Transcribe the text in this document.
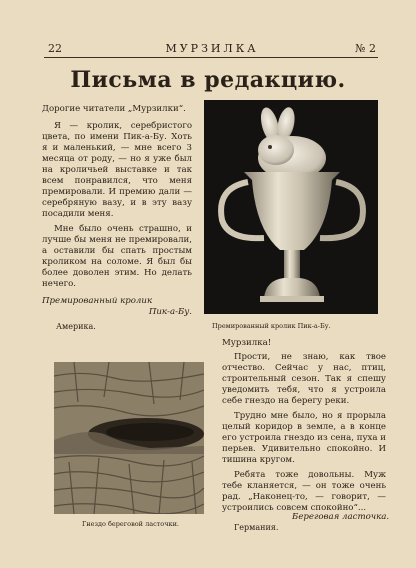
22	МУРЗИЛКА	№ 2
Письма в редакцию.

Дорогие читатели „Мурзилки“.

Я — кролик, серебристого цвета, по имени Пик-а-Бу. Хоть я и маленький, — мне всего 3 месяца от роду, — но я уже был на кроличьей выставке и так всем понравился, что меня премировали. И премию дали — серебряную вазу, и в эту вазу посадили меня.

Мне было очень страшно, и лучше бы меня не премировали, а оставили бы спать простым кроликом на соломе. Я был бы более доволен этим. Но делать нечего.

Премированный кролик
Пик-а-Бу.
Америка.	Премированный кролик Пик-а-Бу.

Мурзилка!

Прости, не знаю, как твое отчество. Сейчас у нас, птиц, строительный сезон. Так я спешу уведомить тебя, что я устроила себе гнездо на берегу реки.

Трудно мне было, но я прорыла целый коридор в земле, а в конце его устроила гнездо из сена, пуха и перьев. Удивительно спокойно. И тишина кругом.

Ребята тоже довольны. Муж тебе кланяется, — он тоже очень рад. „Наконец-то, — говорит, — устроились совсем спокойно“...

Береговая ласточка.
Германия.
Гнездо береговой ласточки.
